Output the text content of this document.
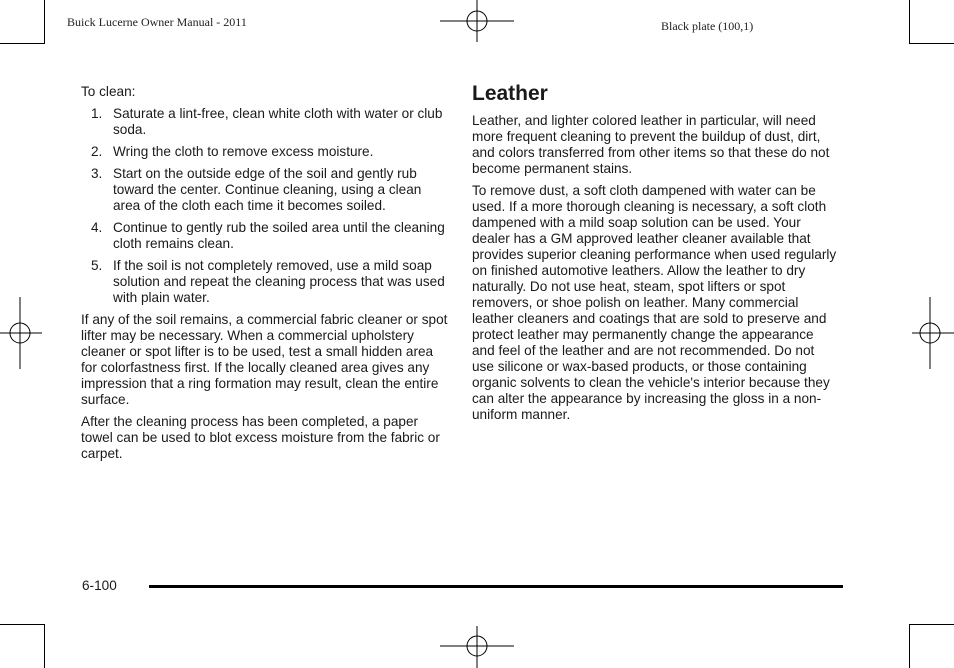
Buick Lucerne Owner Manual - 2011	Black plate (100,1)

To clean:

1. Saturate a lint-free, clean white cloth with water or club soda.
2. Wring the cloth to remove excess moisture.
3. Start on the outside edge of the soil and gently rub toward the center. Continue cleaning, using a clean area of the cloth each time it becomes soiled.
4. Continue to gently rub the soiled area until the cleaning cloth remains clean.
5. If the soil is not completely removed, use a mild soap solution and repeat the cleaning process that was used with plain water.

If any of the soil remains, a commercial fabric cleaner or spot lifter may be necessary. When a commercial upholstery cleaner or spot lifter is to be used, test a small hidden area for colorfastness first. If the locally cleaned area gives any impression that a ring formation may result, clean the entire surface.

After the cleaning process has been completed, a paper towel can be used to blot excess moisture from the fabric or carpet.

Leather

Leather, and lighter colored leather in particular, will need more frequent cleaning to prevent the buildup of dust, dirt, and colors transferred from other items so that these do not become permanent stains.

To remove dust, a soft cloth dampened with water can be used. If a more thorough cleaning is necessary, a soft cloth dampened with a mild soap solution can be used. Your dealer has a GM approved leather cleaner available that provides superior cleaning performance when used regularly on finished automotive leathers. Allow the leather to dry naturally. Do not use heat, steam, spot lifters or spot removers, or shoe polish on leather. Many commercial leather cleaners and coatings that are sold to preserve and protect leather may permanently change the appearance and feel of the leather and are not recommended. Do not use silicone or wax-based products, or those containing organic solvents to clean the vehicle's interior because they can alter the appearance by increasing the gloss in a non-uniform manner.

6-100
